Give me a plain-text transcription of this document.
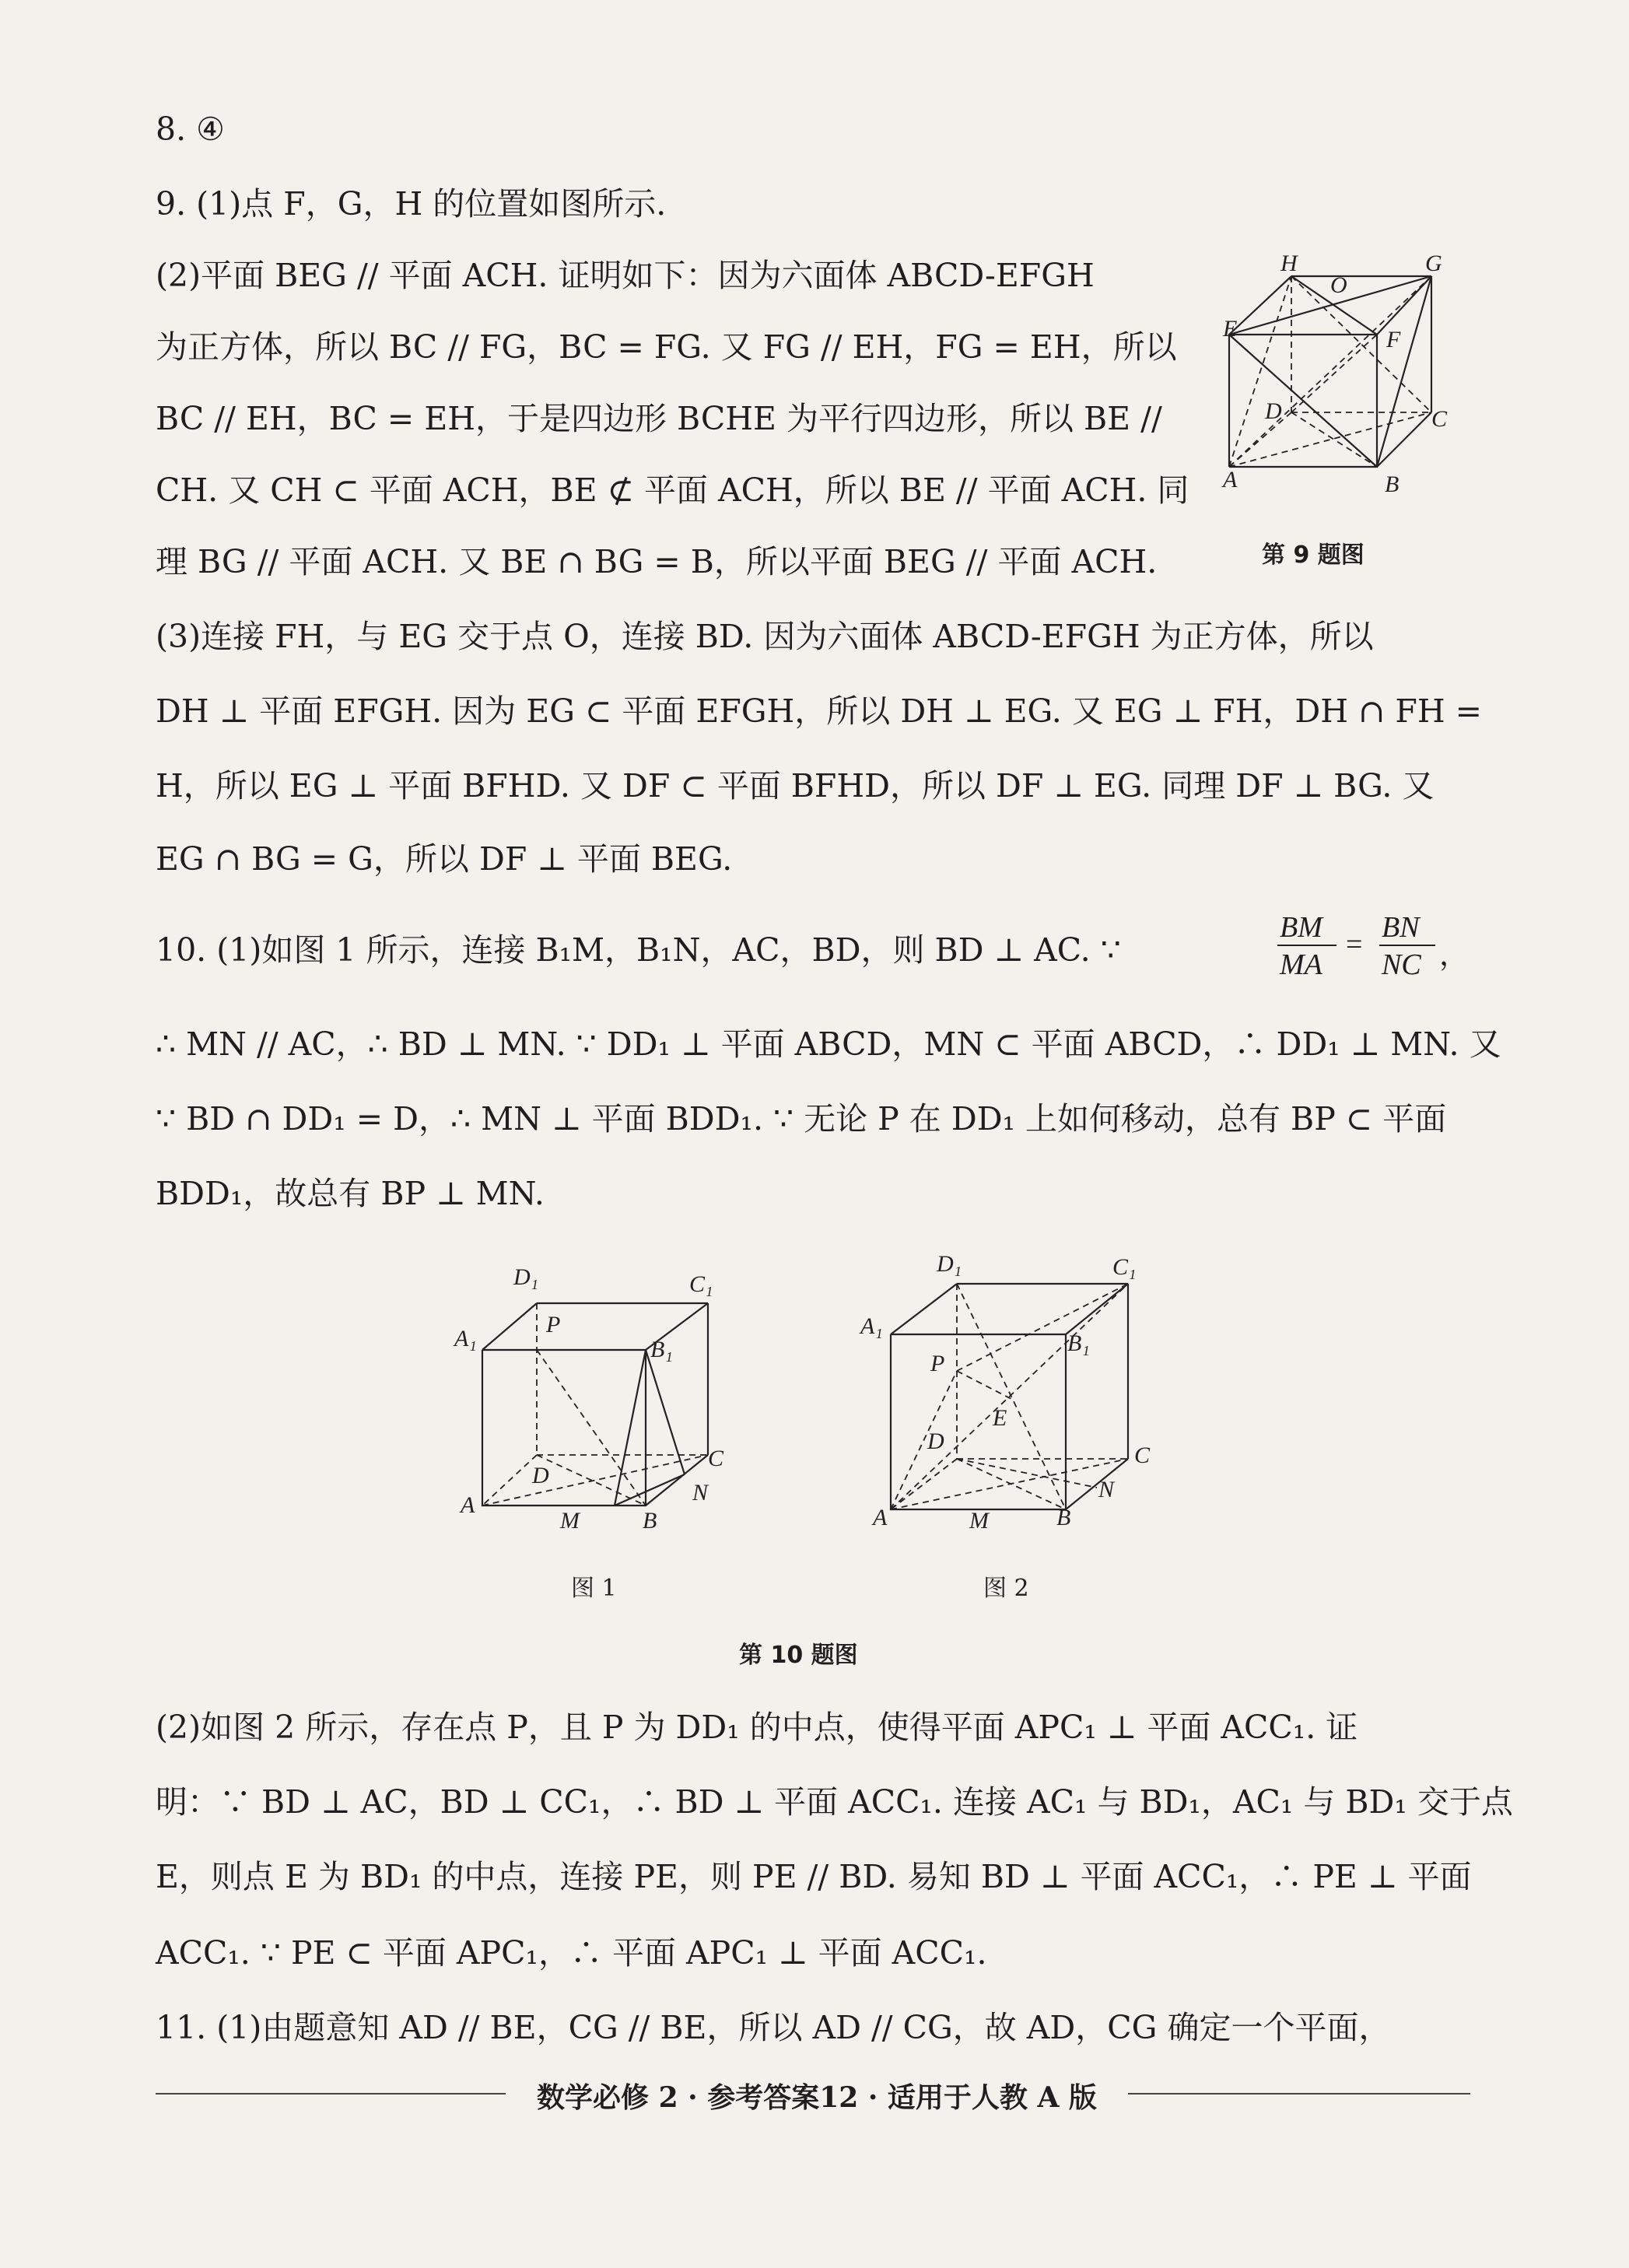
8. ④
9. (1)点 F，G，H 的位置如图所示.
(2)平面 BEG // 平面 ACH. 证明如下：因为六面体 ABCD-EFGH
为正方体，所以 BC // FG，BC = FG. 又 FG // EH，FG = EH，所以
BC // EH，BC = EH，于是四边形 BCHE 为平行四边形，所以 BE //
CH. 又 CH ⊂ 平面 ACH，BE ⊄ 平面 ACH，所以 BE // 平面 ACH. 同
理 BG // 平面 ACH. 又 BE ∩ BG = B，所以平面 BEG // 平面 ACH.
(3)连接 FH，与 EG 交于点 O，连接 BD. 因为六面体 ABCD-EFGH 为正方体，所以
DH ⊥ 平面 EFGH. 因为 EG ⊂ 平面 EFGH，所以 DH ⊥ EG. 又 EG ⊥ FH，DH ∩ FH =
H，所以 EG ⊥ 平面 BFHD. 又 DF ⊂ 平面 BFHD，所以 DF ⊥ EG. 同理 DF ⊥ BG. 又
EG ∩ BG = G，所以 DF ⊥ 平面 BEG.
10. (1)如图 1 所示，连接 B₁M，B₁N，AC，BD，则 BD ⊥ AC. ∵
BM
MA
=
BN
NC ，
∴ MN // AC，∴ BD ⊥ MN. ∵ DD₁ ⊥ 平面 ABCD，MN ⊂ 平面 ABCD，∴ DD₁ ⊥ MN. 又
∵ BD ∩ DD₁ = D，∴ MN ⊥ 平面 BDD₁. ∵ 无论 P 在 DD₁ 上如何移动，总有 BP ⊂ 平面
BDD₁，故总有 BP ⊥ MN.
(2)如图 2 所示，存在点 P，且 P 为 DD₁ 的中点，使得平面 APC₁ ⊥ 平面 ACC₁. 证
明：∵ BD ⊥ AC，BD ⊥ CC₁，∴ BD ⊥ 平面 ACC₁. 连接 AC₁ 与 BD₁，AC₁ 与 BD₁ 交于点
E，则点 E 为 BD₁ 的中点，连接 PE，则 PE // BD. 易知 BD ⊥ 平面 ACC₁，∴ PE ⊥ 平面
ACC₁. ∵ PE ⊂ 平面 APC₁，∴ 平面 APC₁ ⊥ 平面 ACC₁.
11. (1)由题意知 AD // BE，CG // BE，所以 AD // CG，故 AD，CG 确定一个平面，
H	G
O
E	F
D	C
A	B
第 9 题图
D₁	C₁
A₁
P
B₁
D
C
N
A
M	B
图 1
D₁	C₁
A₁
P
B₁
E
D
C
N
A	M	B
图 2
第 10 题图
数学必修 2 · 参考答案12 · 适用于人教 A 版
